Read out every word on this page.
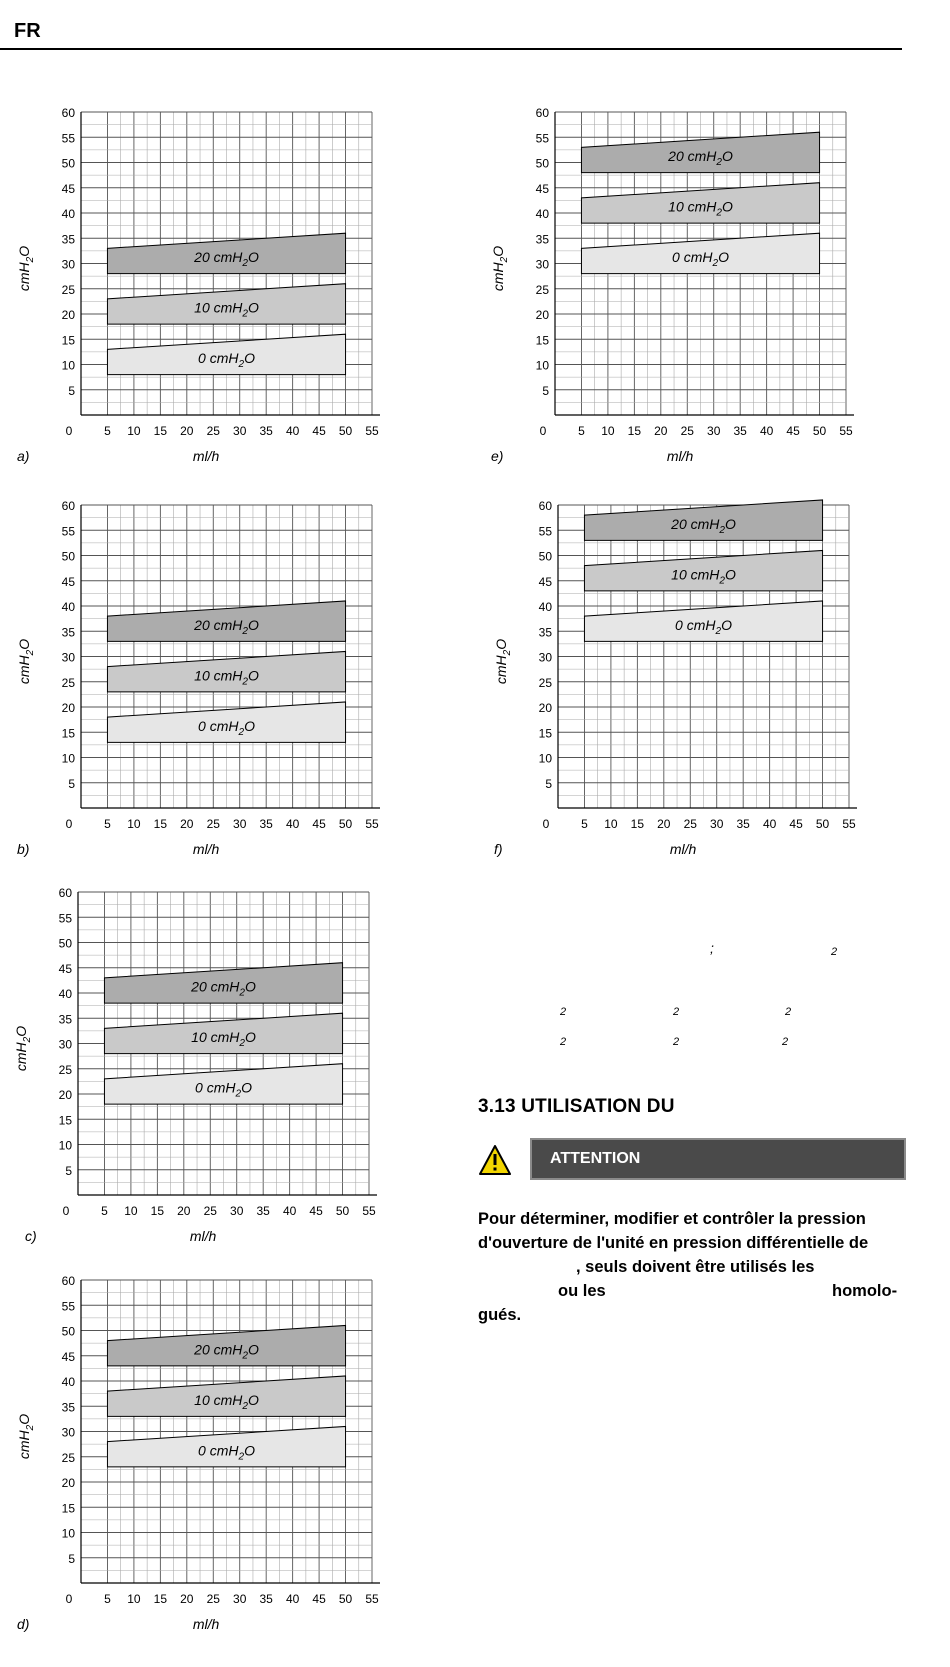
FR
0 cmH$_2$O
10 cmH$_2$O
20 cmH$_2$O
5
10
15
20
25
30
35
40
45
50
55
60
0	5 10 15 20 25 30 35 40 45 50 55
ml/h
cmH$_2$O
a)
0 cmH$_2$O
10 cmH$_2$O
20 cmH$_2$O
5
10
15
20
25
30
35
40
45
50
55
60
0	5 10 15 20 25 30 35 40 45 50 55
ml/h
cmH$_2$O
b)
0 cmH$_2$O
10 cmH$_2$O
20 cmH$_2$O
5
10
15
20
25
30
35
40
45
50
55
60
0	5 10 15 20 25 30 35 40 45 50 55
ml/h
cmH$_2$O
c)
0 cmH$_2$O
10 cmH$_2$O
20 cmH$_2$O
5
10
15
20
25
30
35
40
45
50
55
60
0	5 10 15 20 25 30 35 40 45 50 55
ml/h
cmH$_2$O
d)
0 cmH$_2$O
10 cmH$_2$O
20 cmH$_2$O
5
10
15
20
25
30
35
40
45
50
55
60
0	5 10 15 20 25 30 35 40 45 50 55
ml/h
cmH$_2$O
e)
0 cmH$_2$O
10 cmH$_2$O
20 cmH$_2$O
5
10
15
20
25
30
35
40
45
50
55
60
0	5 10 15 20 25 30 35 40 45 50 55
ml/h
cmH$_2$O
f)
;	2
2	2	2
2	2	2
3.13 UTILISATION DU
ATTENTION
Pour déterminer, modifier et contrôler la pression
d'ouverture de l'unité en pression différentielle de
, seuls doivent être utilisés les
ou les	homolo-
gués.
